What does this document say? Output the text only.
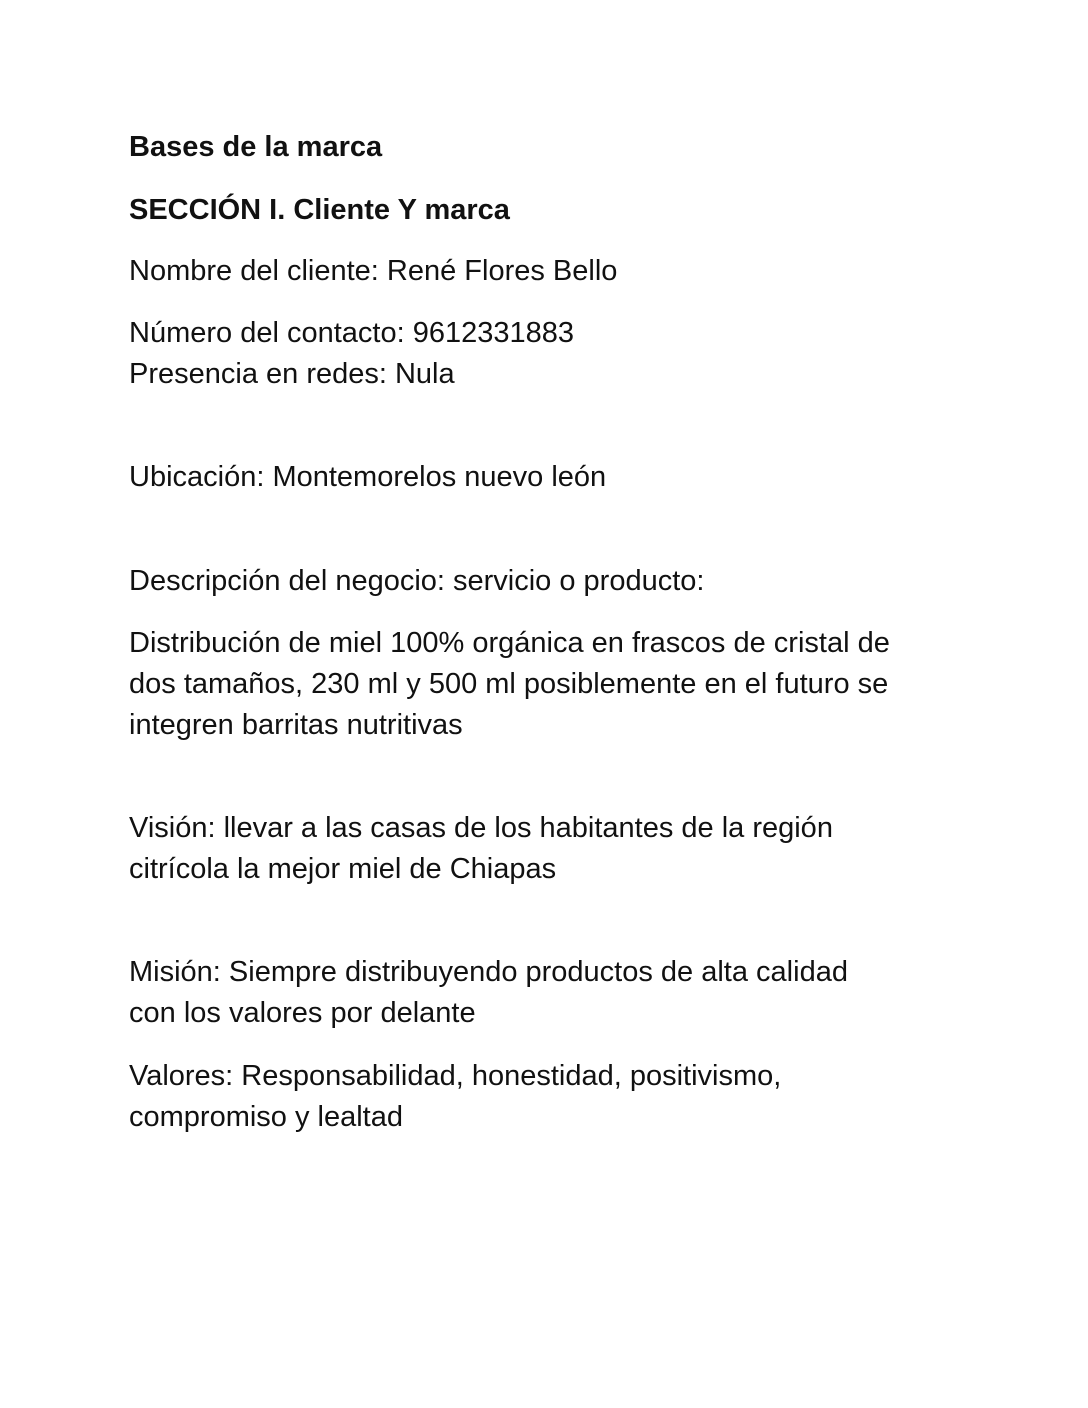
Bases de la marca
SECCIÓN I. Cliente Y marca
Nombre del cliente: René Flores Bello
Número del contacto: 9612331883
Presencia en redes: Nula
Ubicación: Montemorelos nuevo león
Descripción del negocio: servicio o producto:
Distribución de miel 100% orgánica en frascos de cristal de
dos tamaños, 230 ml y 500 ml posiblemente en el futuro se
integren barritas nutritivas
Visión: llevar a las casas de los habitantes de la región
citrícola la mejor miel de Chiapas
Misión: Siempre distribuyendo productos de alta calidad
con los valores por delante
Valores: Responsabilidad, honestidad, positivismo,
compromiso y lealtad
